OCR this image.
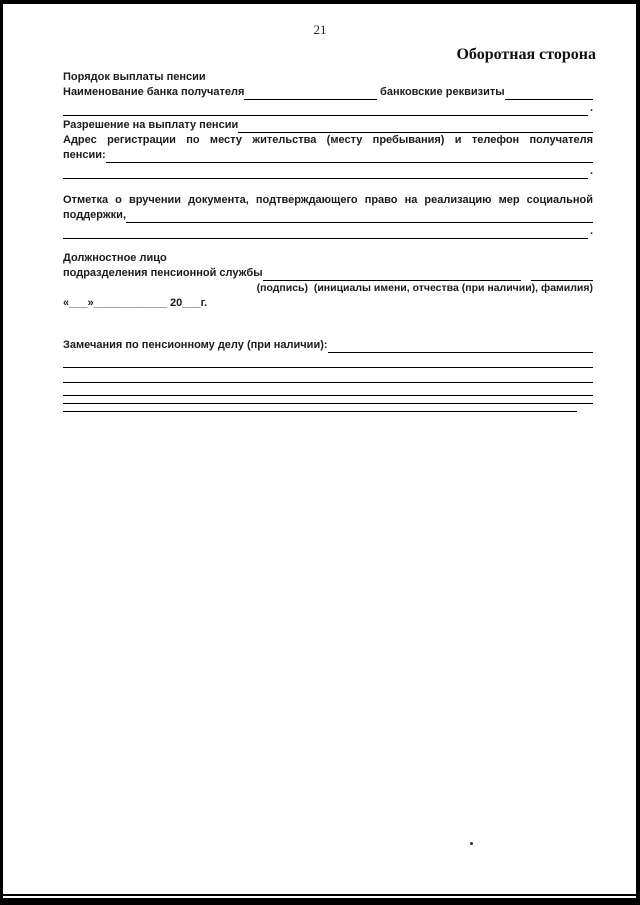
21
Оборотная сторона
Порядок выплаты пенсии
Наименование банка получателя	банковские реквизиты
.
Разрешение на выплату пенсии
Адрес регистрации по месту жительства (месту пребывания) и телефон получателя
пенсии:
.
Отметка о вручении документа, подтверждающего право на реализацию мер социальной
поддержки,
.
Должностное лицо
подразделения пенсионной службы
(подпись)  (инициалы имени, отчества (при наличии), фамилия)
«___»____________ 20___г.
Замечания по пенсионному делу (при наличии):
